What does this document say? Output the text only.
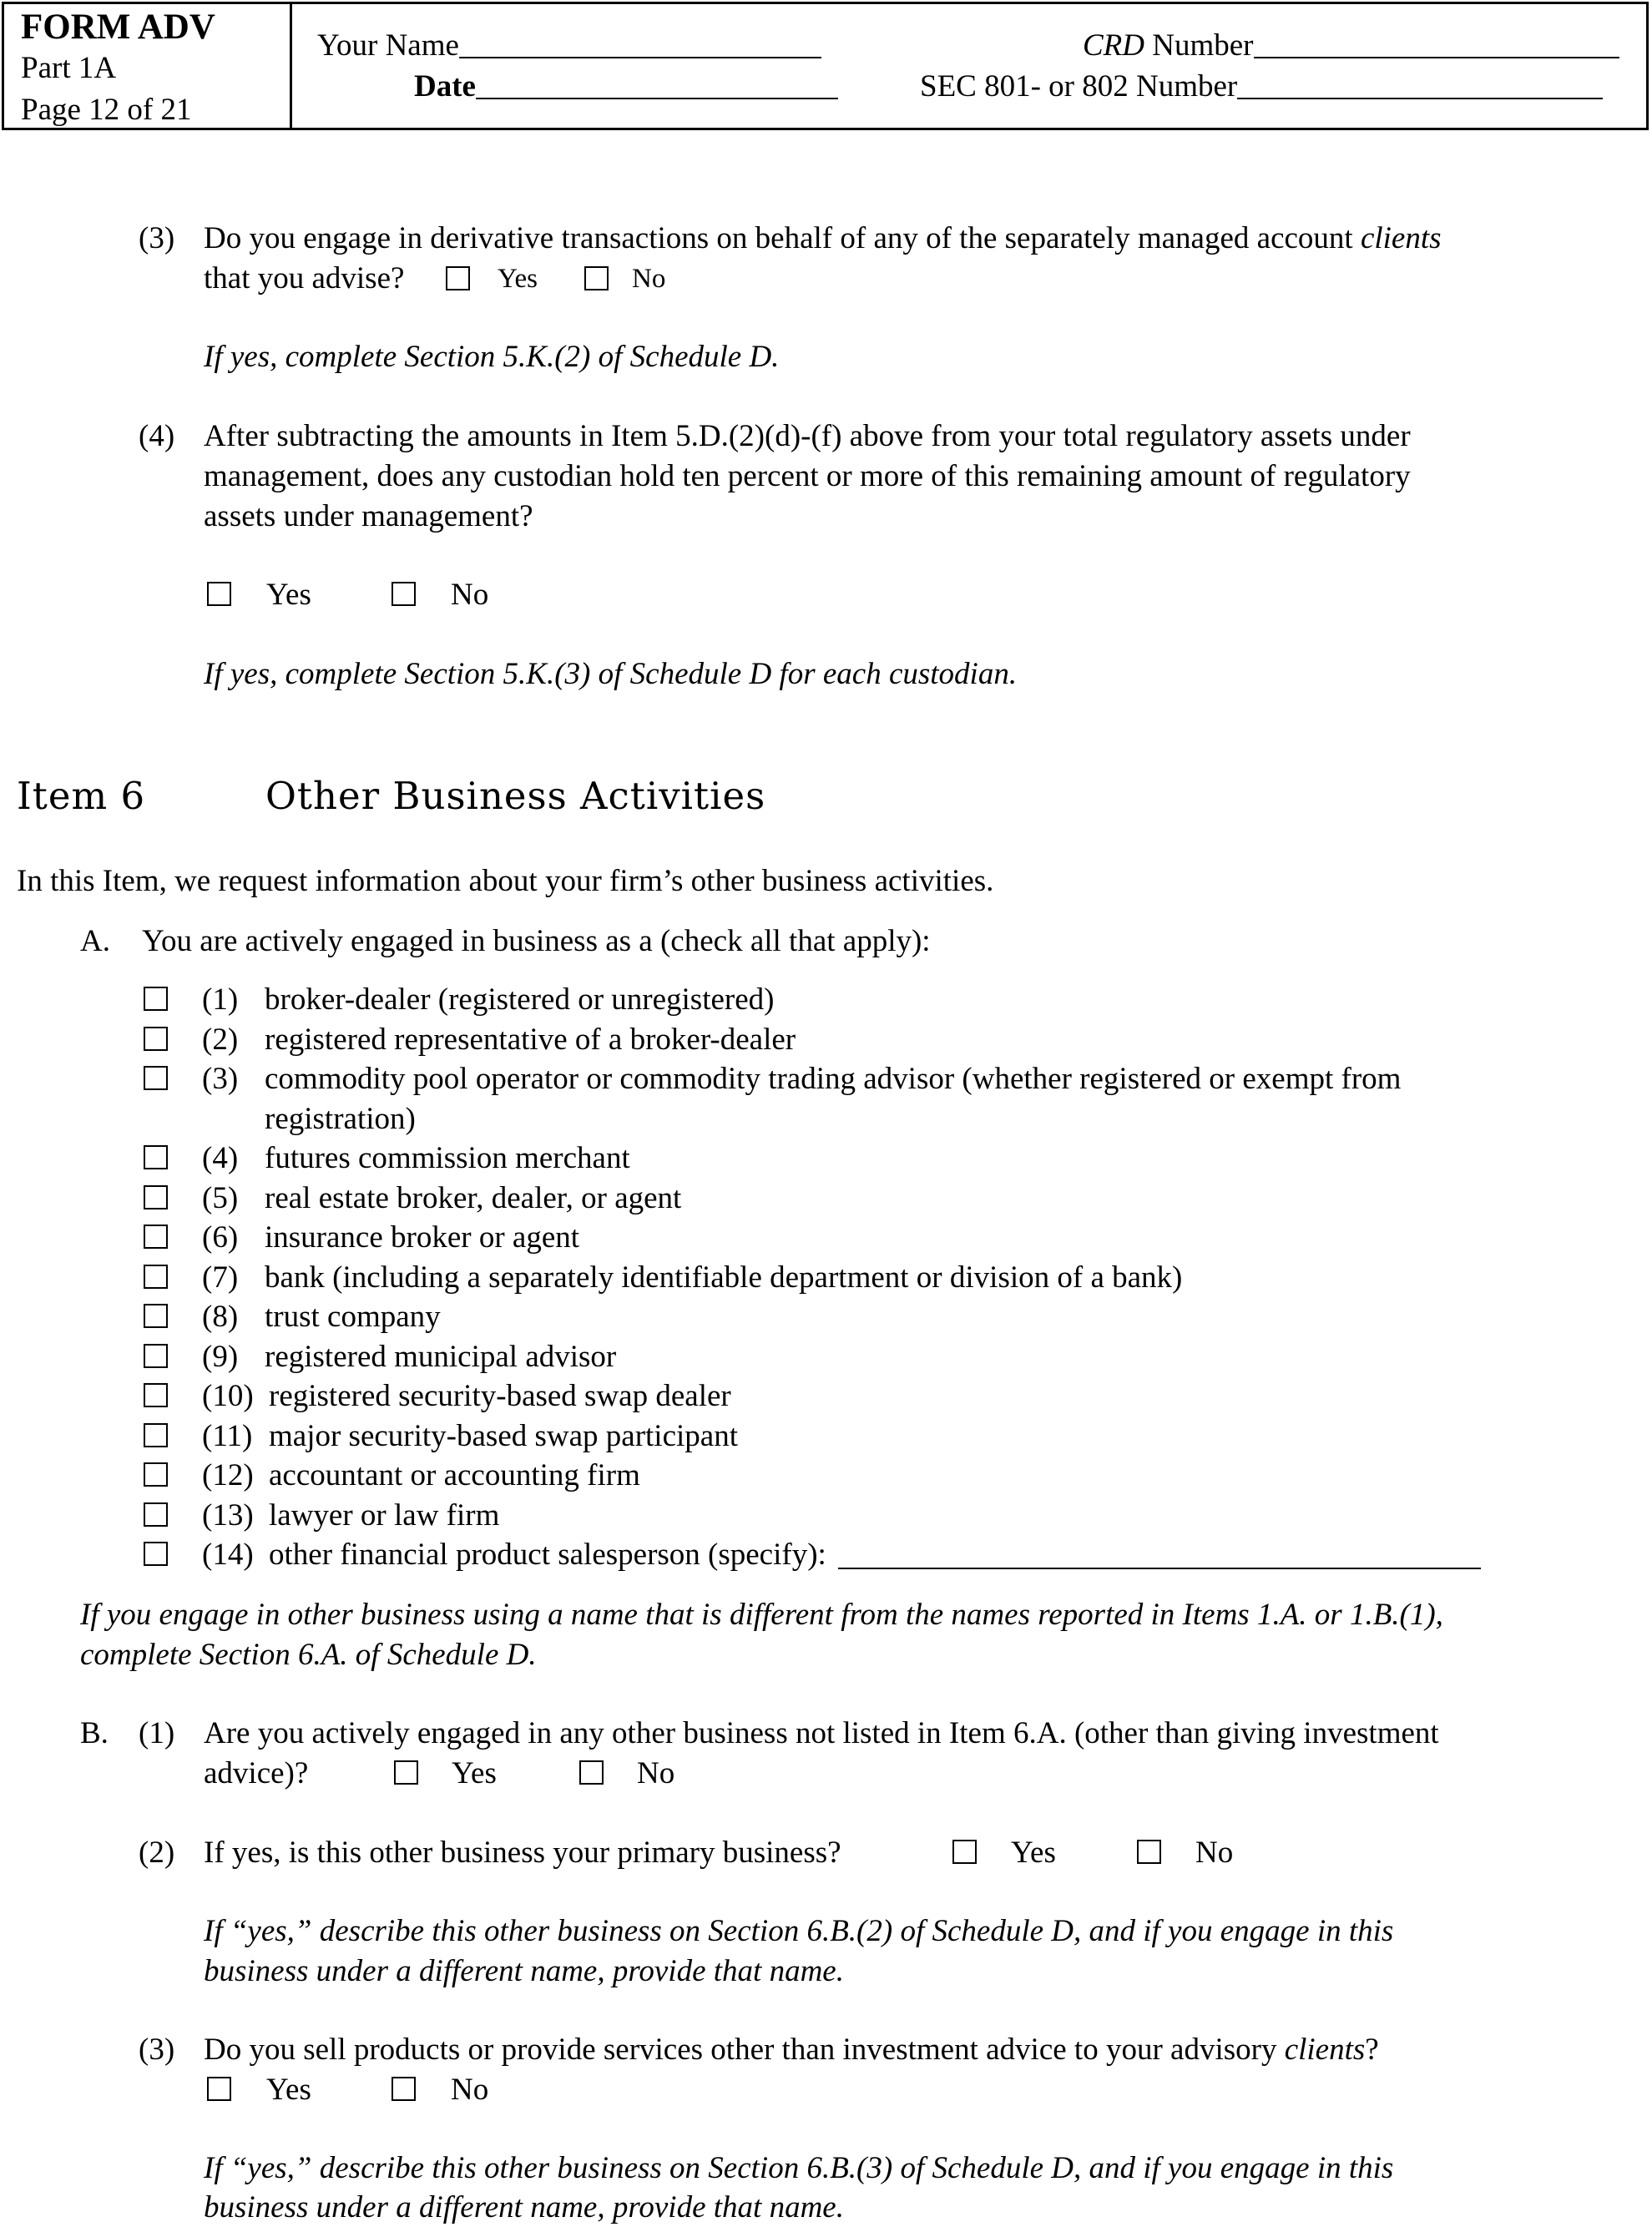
FORM ADV
Part 1A
Page 12 of 21
Your Name
Date
CRD Number
SEC 801- or 802 Number
(3) Do you engage in derivative transactions on behalf of any of the separately managed account clients
that you advise?	Yes	No
If yes, complete Section 5.K.(2) of Schedule D.
(4) After subtracting the amounts in Item 5.D.(2)(d)-(f) above from your total regulatory assets under
management, does any custodian hold ten percent or more of this remaining amount of regulatory
assets under management?
Yes	No
If yes, complete Section 5.K.(3) of Schedule D for each custodian.
Item 6	Other Business Activities
In this Item, we request information about your firm’s other business activities.
A. You are actively engaged in business as a (check all that apply):
(1) broker-dealer (registered or unregistered)
(2) registered representative of a broker-dealer
(3) commodity pool operator or commodity trading advisor (whether registered or exempt from
registration)
(4) futures commission merchant
(5) real estate broker, dealer, or agent
(6) insurance broker or agent
(7) bank (including a separately identifiable department or division of a bank)
(8) trust company
(9) registered municipal advisor
(10) registered security-based swap dealer
(11) major security-based swap participant
(12) accountant or accounting firm
(13) lawyer or law firm
(14) other financial product salesperson (specify):
If you engage in other business using a name that is different from the names reported in Items 1.A. or 1.B.(1),
complete Section 6.A. of Schedule D.
B. (1) Are you actively engaged in any other business not listed in Item 6.A. (other than giving investment
advice)?	Yes	No
(2) If yes, is this other business your primary business?	Yes	No
If “yes,” describe this other business on Section 6.B.(2) of Schedule D, and if you engage in this
business under a different name, provide that name.
(3) Do you sell products or provide services other than investment advice to your advisory clients?
Yes	No
If “yes,” describe this other business on Section 6.B.(3) of Schedule D, and if you engage in this
business under a different name, provide that name.
